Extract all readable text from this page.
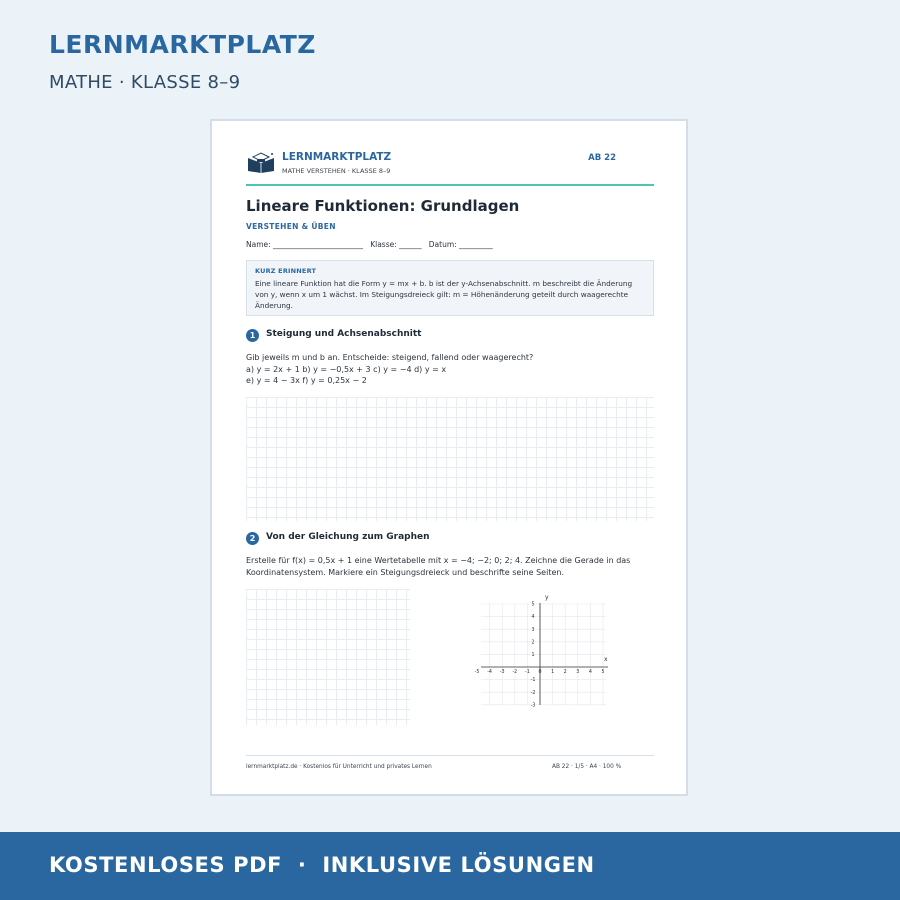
LERNMARKTPLATZ
MATHE · KLASSE 8–9
LERNMARKTPLATZ
MATHE VERSTEHEN · KLASSE 8–9
AB 22
Lineare Funktionen: Grundlagen
VERSTEHEN & ÜBEN
Name: ________________________   Klasse: ______   Datum: _________
KURZ ERINNERT
Eine lineare Funktion hat die Form y = mx + b. b ist der y-Achsenabschnitt. m beschreibt die Änderung von y, wenn x um 1 wächst. Im Steigungsdreieck gilt: m = Höhenänderung geteilt durch waagerechte Änderung.
1	Steigung und Achsenabschnitt
Gib jeweils m und b an. Entscheide: steigend, fallend oder waagerecht?
a) y = 2x + 1 b) y = −0,5x + 3 c) y = −4 d) y = x
e) y = 4 − 3x f) y = 0,25x − 2
2	Von der Gleichung zum Graphen
Erstelle für f(x) = 0,5x + 1 eine Wertetabelle mit x = −4; −2; 0; 2; 4. Zeichne die Gerade in das Koordinatensystem. Markiere ein Steigungsdreieck und beschrifte seine Seiten.
x
y
-5 -4 -3 -2 -1 0 1 2 3 4 5
5
4
3
2
1
-1
-2
-3
lernmarktplatz.de · Kostenlos für Unterricht und privates Lernen	AB 22 · 1/5 · A4 · 100 %
KOSTENLOSES PDF  ·  INKLUSIVE LÖSUNGEN
